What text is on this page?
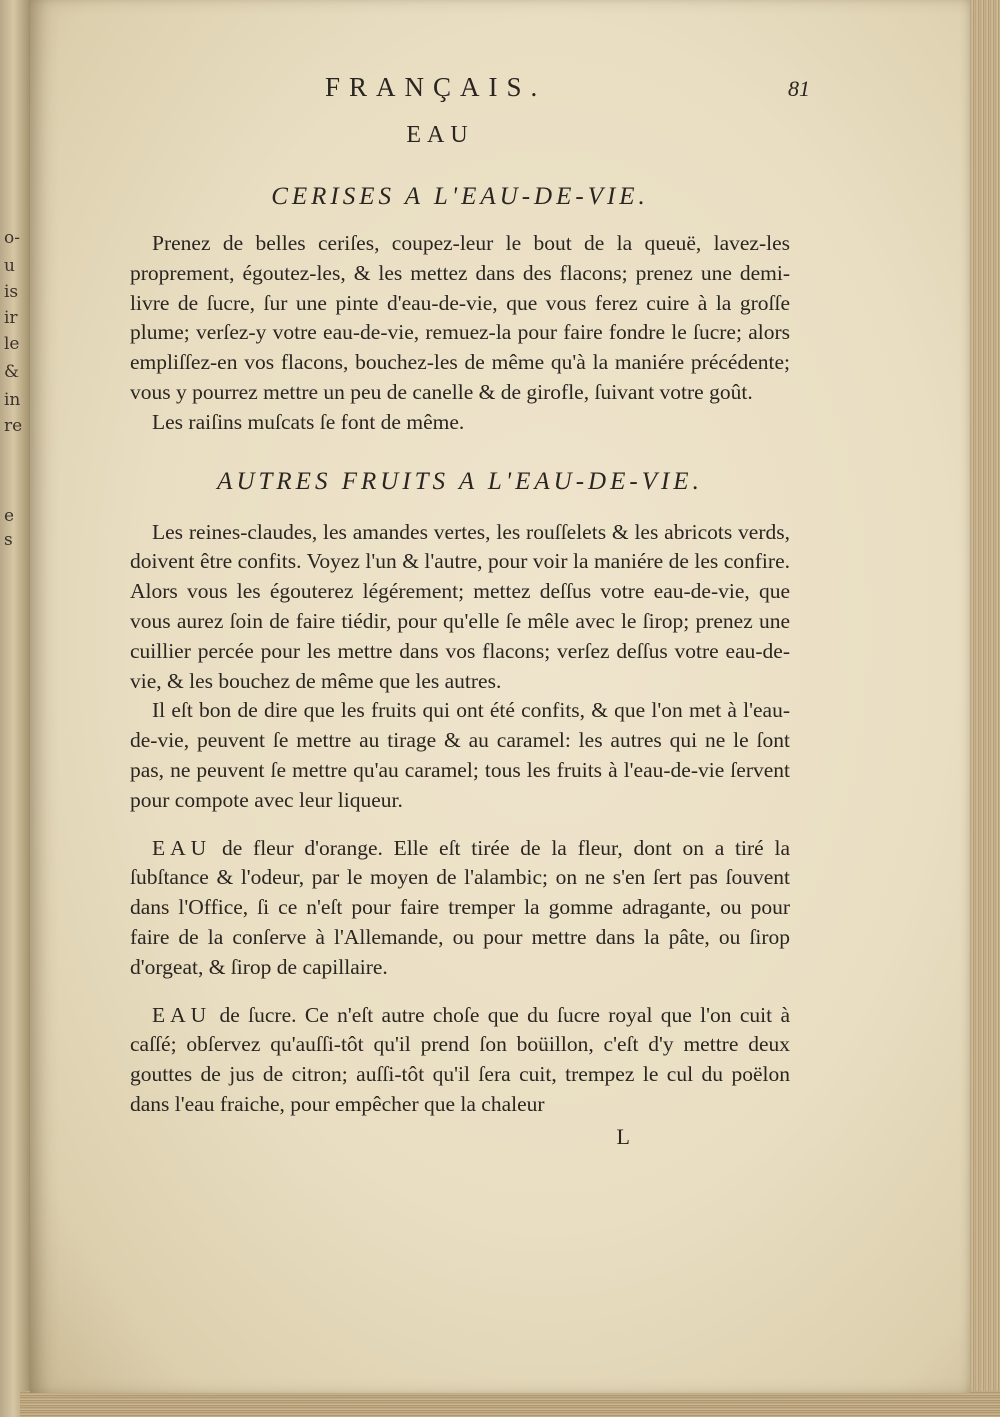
o-
u
is
ir
le
&
in
re
e
s
FRANÇAIS.	81
EAU
CERISES A L'EAU-DE-VIE.

Prenez de belles ceriſes, coupez-leur le bout de la queuë, lavez-les proprement, égoutez-les, & les mettez dans des flacons; prenez une demi-livre de ſucre, ſur une pinte d'eau-de-vie, que vous ferez cuire à la groſſe plume; verſez-y votre eau-de-vie, remuez-la pour faire fondre le ſucre; alors empliſſez-en vos flacons, bouchez-les de même qu'à la maniére précédente; vous y pourrez mettre un peu de canelle & de girofle, ſuivant votre goût.

Les raiſins muſcats ſe font de même.

AUTRES FRUITS A L'EAU-DE-VIE.

Les reines-claudes, les amandes vertes, les rouſſelets & les abricots verds, doivent être confits. Voyez l'un & l'autre, pour voir la maniére de les confire. Alors vous les égouterez légérement; mettez deſſus votre eau-de-vie, que vous aurez ſoin de faire tiédir, pour qu'elle ſe mêle avec le ſirop; prenez une cuillier percée pour les mettre dans vos flacons; verſez deſſus votre eau-de-vie, & les bouchez de même que les autres.

Il eſt bon de dire que les fruits qui ont été confits, & que l'on met à l'eau-de-vie, peuvent ſe mettre au tirage & au caramel: les autres qui ne le ſont pas, ne peuvent ſe mettre qu'au caramel; tous les fruits à l'eau-de-vie ſervent pour compote avec leur liqueur.

EAU de fleur d'orange. Elle eſt tirée de la fleur, dont on a tiré la ſubſtance & l'odeur, par le moyen de l'alambic; on ne s'en ſert pas ſouvent dans l'Office, ſi ce n'eſt pour faire tremper la gomme adragante, ou pour faire de la conſerve à l'Allemande, ou pour mettre dans la pâte, ou ſirop d'orgeat, & ſirop de capillaire.

EAU de ſucre. Ce n'eſt autre choſe que du ſucre royal que l'on cuit à caſſé; obſervez qu'auſſi-tôt qu'il prend ſon boüillon, c'eſt d'y mettre deux gouttes de jus de citron; auſſi-tôt qu'il ſera cuit, trempez le cul du poëlon dans l'eau fraiche, pour empêcher que la chaleur

L
